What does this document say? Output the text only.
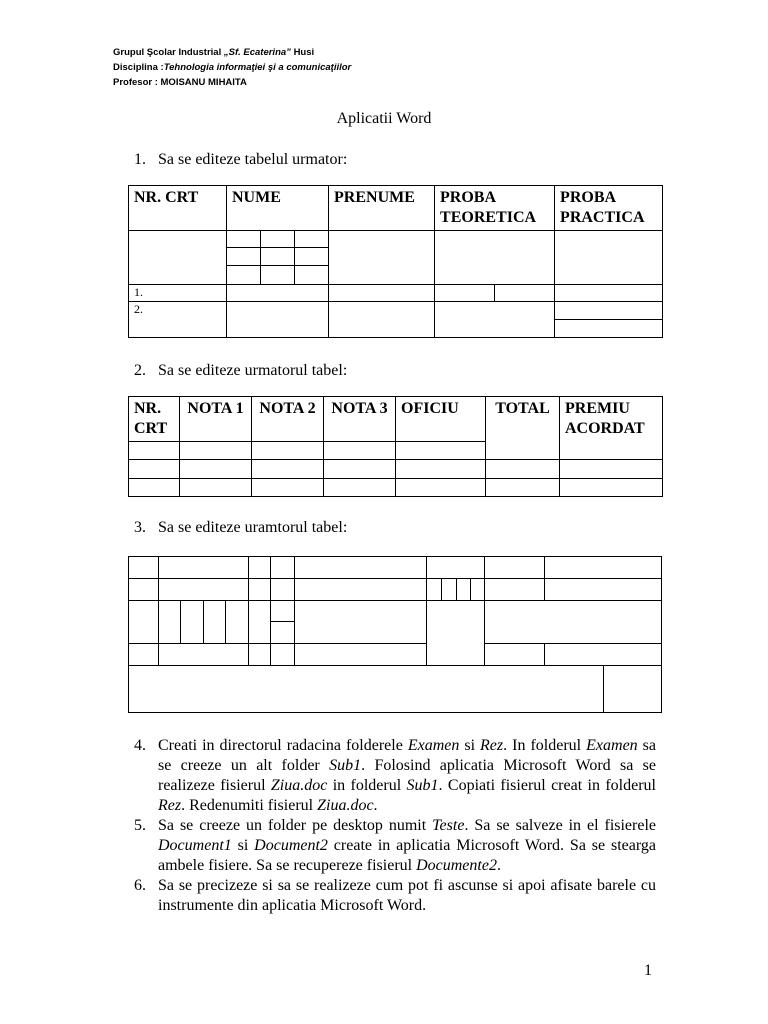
Grupul Şcolar Industrial „Sf. Ecaterina” Husi
Disciplina :Tehnologia informaţiei şi a comunicaţiilor
Profesor : MOISANU MIHAITA
Aplicatii Word
1. Sa se editeze tabelul urmator:
NR. CRT	NUME			PRENUME	PROBA TEORETICA		PROBA PRACTICA

1.							
2.							

2. Sa se editeze urmatorul tabel:
NR. CRT	NOTA 1	NOTA 2	NOTA 3	OFICIU	TOTAL	PREMIU ACORDAT

3. Sa se editeze uramtorul tabel:

4. Creati in directorul radacina folderele Examen si Rez. In folderul Examen sa se creeze un alt folder Sub1. Folosind aplicatia Microsoft Word sa se realizeze fisierul Ziua.doc in folderul Sub1. Copiati fisierul creat in folderul Rez. Redenumiti fisierul Ziua.doc.

5. Sa se creeze un folder pe desktop numit Teste. Sa se salveze in el fisierele Document1 si Document2 create in aplicatia Microsoft Word. Sa se stearga ambele fisiere. Sa se recupereze fisierul Documente2.

6. Sa se precizeze si sa se realizeze cum pot fi ascunse si apoi afisate barele cu instrumente din aplicatia Microsoft Word.

1
